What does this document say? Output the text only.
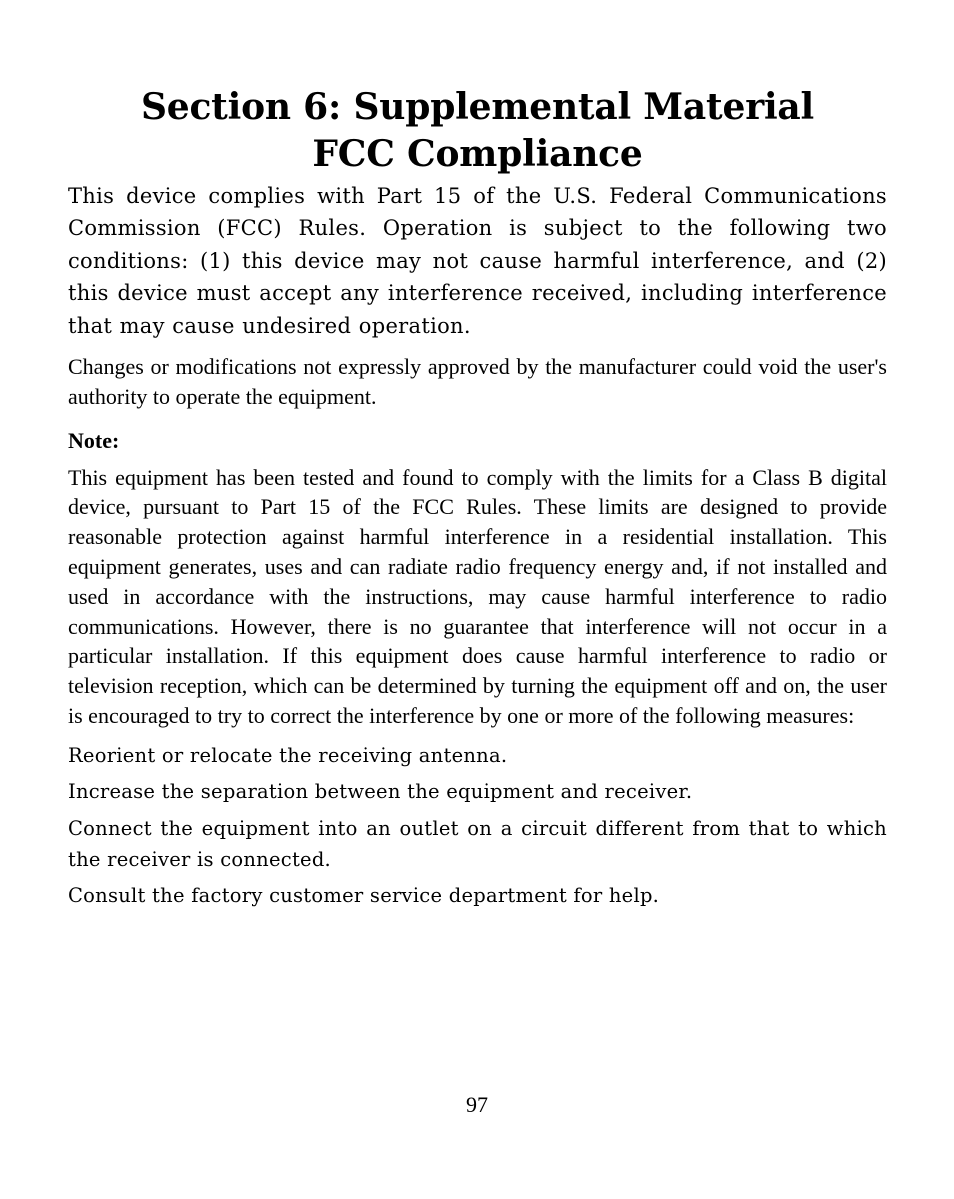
Section 6: Supplemental Material
FCC Compliance

This device complies with Part 15 of the U.S. Federal Communications Commission (FCC) Rules. Operation is subject to the following two conditions: (1) this device may not cause harmful interference, and (2) this device must accept any interference received, including interference that may cause undesired operation.

Changes or modifications not expressly approved by the manufacturer could void the user's authority to operate the equipment.

Note:

This equipment has been tested and found to comply with the limits for a Class B digital device, pursuant to Part 15 of the FCC Rules. These limits are designed to provide reasonable protection against harmful interference in a residential installation. This equipment generates, uses and can radiate radio frequency energy and, if not installed and used in accordance with the instructions, may cause harmful interference to radio communications. However, there is no guarantee that interference will not occur in a particular installation. If this equipment does cause harmful interference to radio or television reception, which can be determined by turning the equipment off and on, the user is encouraged to try to correct the interference by one or more of the following measures:

Reorient or relocate the receiving antenna.

Increase the separation between the equipment and receiver.

Connect the equipment into an outlet on a circuit different from that to which the receiver is connected.

Consult the factory customer service department for help.

97
